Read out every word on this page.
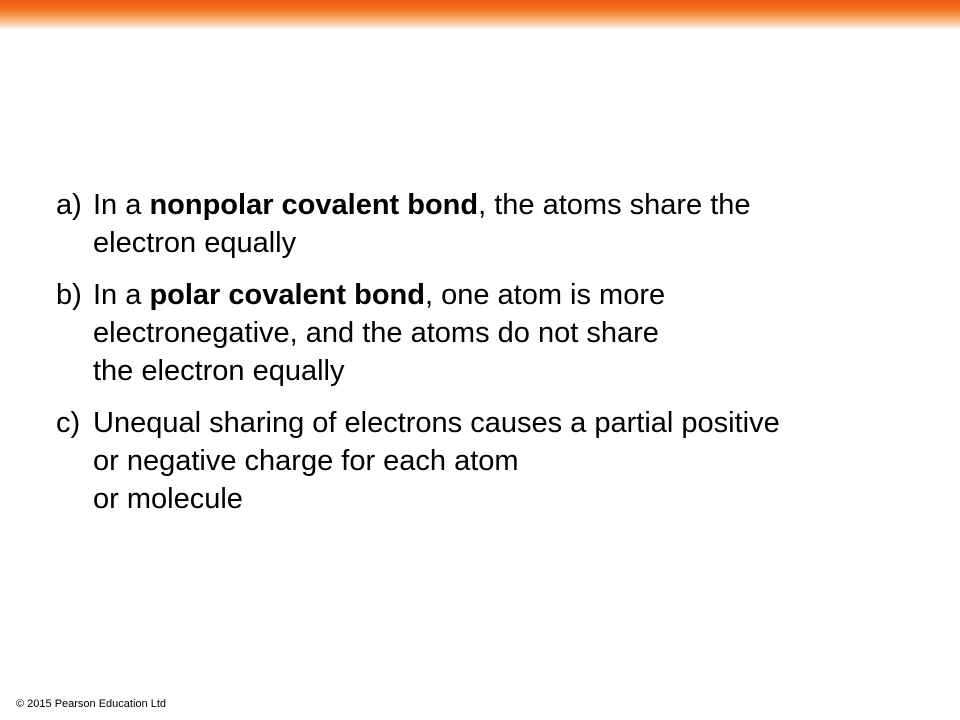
a) In a nonpolar covalent bond, the atoms share the
electron equally
b) In a polar covalent bond, one atom is more
electronegative, and the atoms do not share
the electron equally
c) Unequal sharing of electrons causes a partial positive
or negative charge for each atom
or molecule
© 2015 Pearson Education Ltd
